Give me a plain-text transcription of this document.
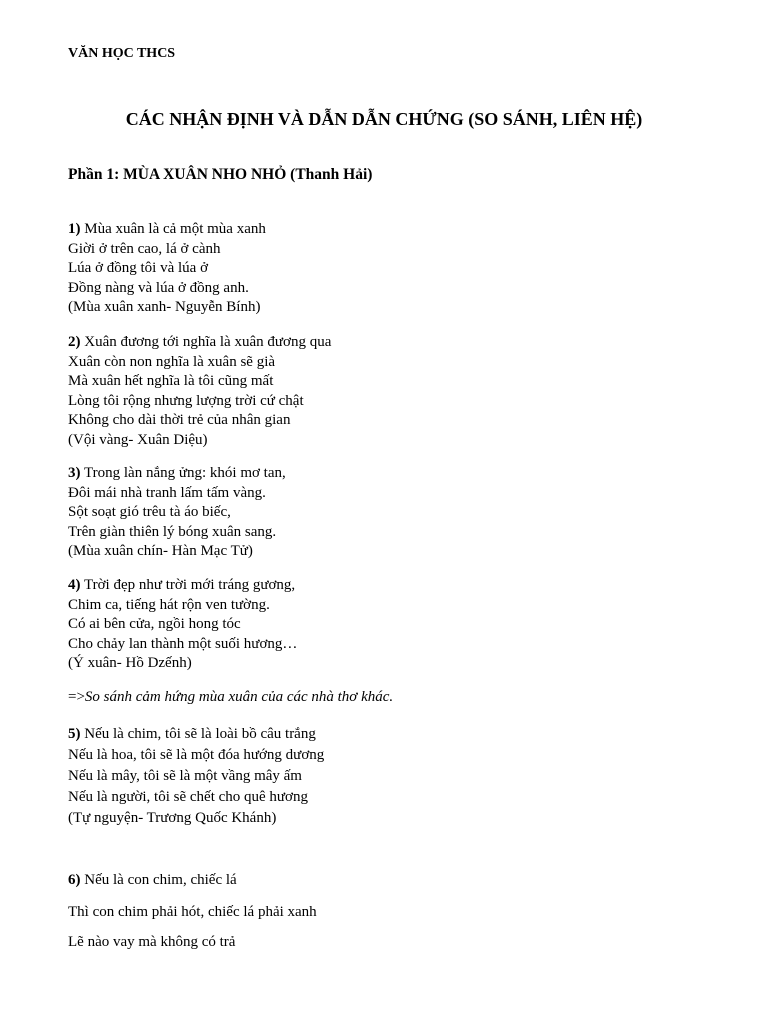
VĂN HỌC THCS
CÁC NHẬN ĐỊNH VÀ DẪN DẪN CHỨNG (SO SÁNH, LIÊN HỆ)
Phần 1: MÙA XUÂN NHO NHỎ (Thanh Hải)
1) Mùa xuân là cả một mùa xanh
Giời ở trên cao, lá ở cành
Lúa ở đồng tôi và lúa ở
Đồng nàng và lúa ở đồng anh.
(Mùa xuân xanh- Nguyễn Bính)
2) Xuân đương tới nghĩa là xuân đương qua
Xuân còn non nghĩa là xuân sẽ già
Mà xuân hết nghĩa là tôi cũng mất
Lòng tôi rộng nhưng lượng trời cứ chật
Không cho dài thời trẻ của nhân gian
(Vội vàng- Xuân Diệu)
3) Trong làn nắng ửng: khói mơ tan,
Đôi mái nhà tranh lấm tấm vàng.
Sột soạt gió trêu tà áo biếc,
Trên giàn thiên lý bóng xuân sang.
(Mùa xuân chín- Hàn Mạc Tử)
4) Trời đẹp như trời mới tráng gương,
Chim ca, tiếng hát rộn ven tường.
Có ai bên cửa, ngồi hong tóc
Cho chảy lan thành một suối hương…
(Ý xuân- Hồ Dzếnh)
=>So sánh cảm hứng mùa xuân của các nhà thơ khác.
5) Nếu là chim, tôi sẽ là loài bồ câu trắng
Nếu là hoa, tôi sẽ là một đóa hướng dương
Nếu là mây, tôi sẽ là một vầng mây ấm
Nếu là người, tôi sẽ chết cho quê hương
(Tự nguyện- Trương Quốc Khánh)
6) Nếu là con chim, chiếc lá
Thì con chim phải hót, chiếc lá phải xanh
Lẽ nào vay mà không có trả
